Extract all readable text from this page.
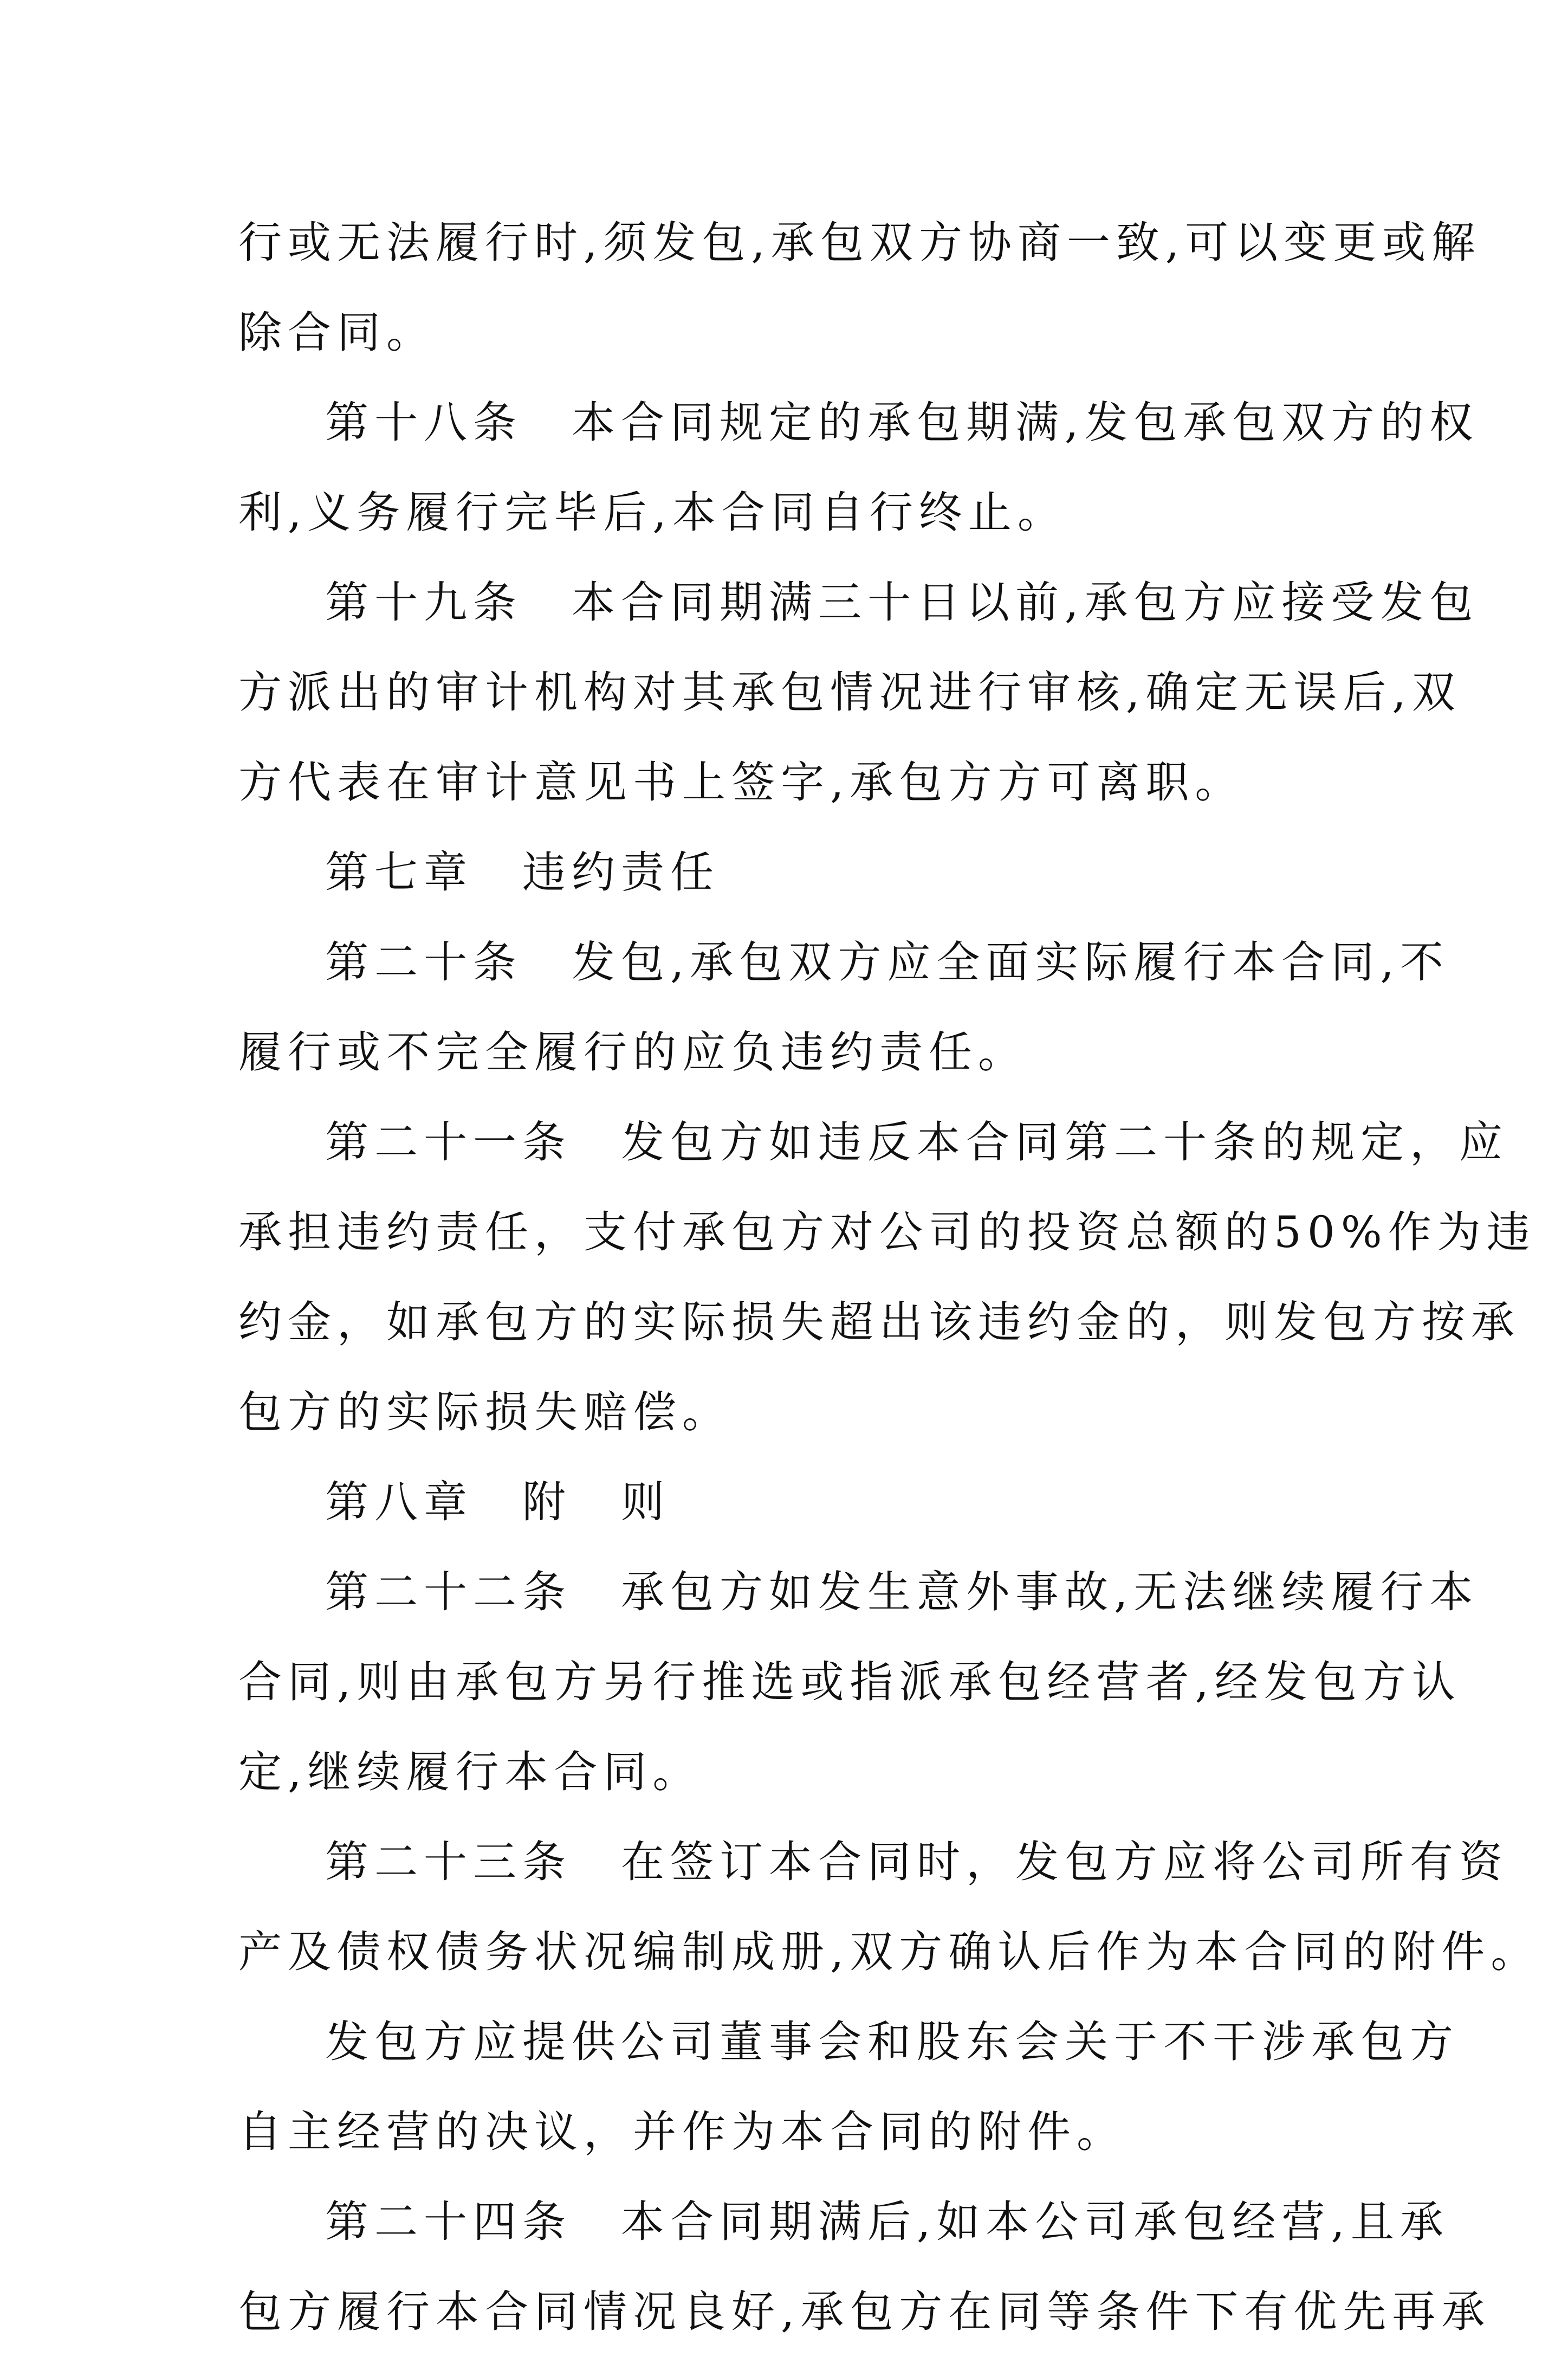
行或无法履行时,须发包,承包双方协商一致,可以变更或解
除合同。
第十八条　本合同规定的承包期满,发包承包双方的权
利,义务履行完毕后,本合同自行终止。
第十九条　本合同期满三十日以前,承包方应接受发包
方派出的审计机构对其承包情况进行审核,确定无误后,双
方代表在审计意见书上签字,承包方方可离职。
第七章　违约责任
第二十条　发包,承包双方应全面实际履行本合同,不
履行或不完全履行的应负违约责任。
第二十一条　发包方如违反本合同第二十条的规定，应
承担违约责任，支付承包方对公司的投资总额的50%作为违
约金，如承包方的实际损失超出该违约金的，则发包方按承
包方的实际损失赔偿。
第八章　附　则
第二十二条　承包方如发生意外事故,无法继续履行本
合同,则由承包方另行推选或指派承包经营者,经发包方认
定,继续履行本合同。
第二十三条　在签订本合同时，发包方应将公司所有资
产及债权债务状况编制成册,双方确认后作为本合同的附件。
发包方应提供公司董事会和股东会关于不干涉承包方
自主经营的决议，并作为本合同的附件。
第二十四条　本合同期满后,如本公司承包经营,且承
包方履行本合同情况良好,承包方在同等条件下有优先再承
